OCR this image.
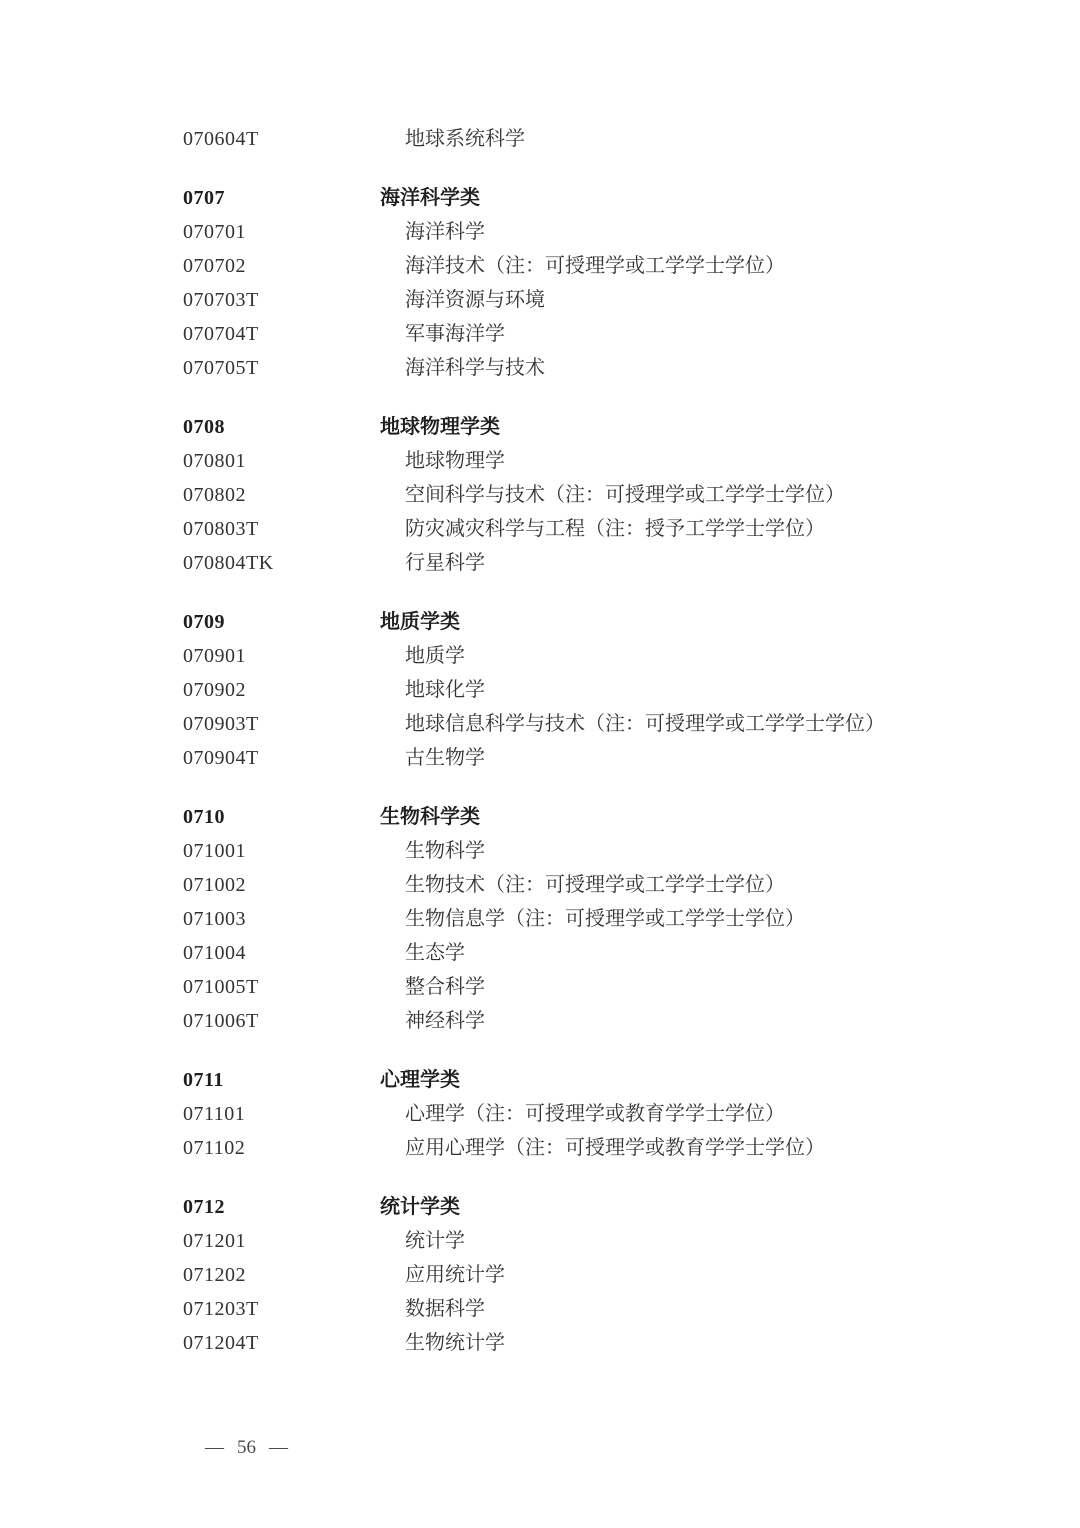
070604T	地球系统科学
0707	海洋科学类
070701	海洋科学
070702	海洋技术（注：可授理学或工学学士学位）
070703T	海洋资源与环境
070704T	军事海洋学
070705T	海洋科学与技术
0708	地球物理学类
070801	地球物理学
070802	空间科学与技术（注：可授理学或工学学士学位）
070803T	防灾减灾科学与工程（注：授予工学学士学位）
070804TK	行星科学
0709	地质学类
070901	地质学
070902	地球化学
070903T	地球信息科学与技术（注：可授理学或工学学士学位）
070904T	古生物学
0710	生物科学类
071001	生物科学
071002	生物技术（注：可授理学或工学学士学位）
071003	生物信息学（注：可授理学或工学学士学位）
071004	生态学
071005T	整合科学
071006T	神经科学
0711	心理学类
071101	心理学（注：可授理学或教育学学士学位）
071102	应用心理学（注：可授理学或教育学学士学位）
0712	统计学类
071201	统计学
071202	应用统计学
071203T	数据科学
071204T	生物统计学
— 56 —
